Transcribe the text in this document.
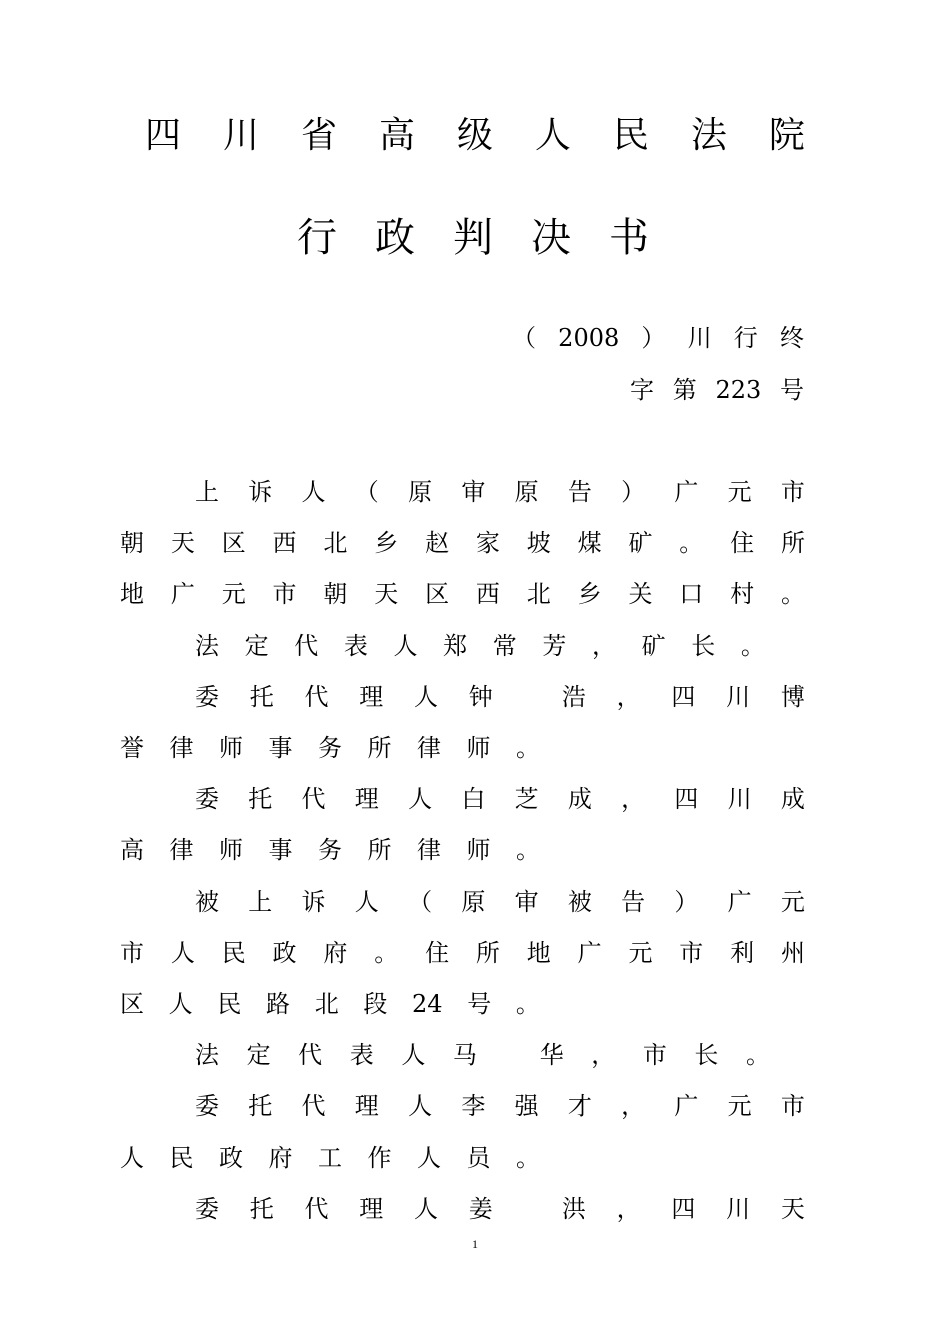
四 川 省 高 级 人 民 法 院
行 政 判 决 书
（ 2008 ） 川 行 终
字 第 223 号
上 诉 人 （ 原 审 原 告 ） 广 元 市
朝 天 区 西 北 乡 赵 家 坡 煤 矿 。 住 所
地 广 元 市 朝 天 区 西 北 乡 关 口 村 。
法 定 代 表 人 郑 常 芳 ， 矿 长 。
委 托 代 理 人 钟
	浩 ， 四 川 博
誉 律 师 事 务 所 律 师 。
委 托 代 理 人 白 芝 成 ， 四 川 成
高 律 师 事 务 所 律 师 。
被 上 诉 人 （ 原 审 被 告 ） 广 元
市 人 民 政 府 。 住 所 地 广 元 市 利 州
区 人 民 路 北 段 24 号 。
法 定 代 表 人 马
	华 ， 市 长 。
委 托 代 理 人 李 强 才 ， 广 元 市
人 民 政 府 工 作 人 员 。
委 托 代 理 人 姜
	洪 ， 四 川 天
1
